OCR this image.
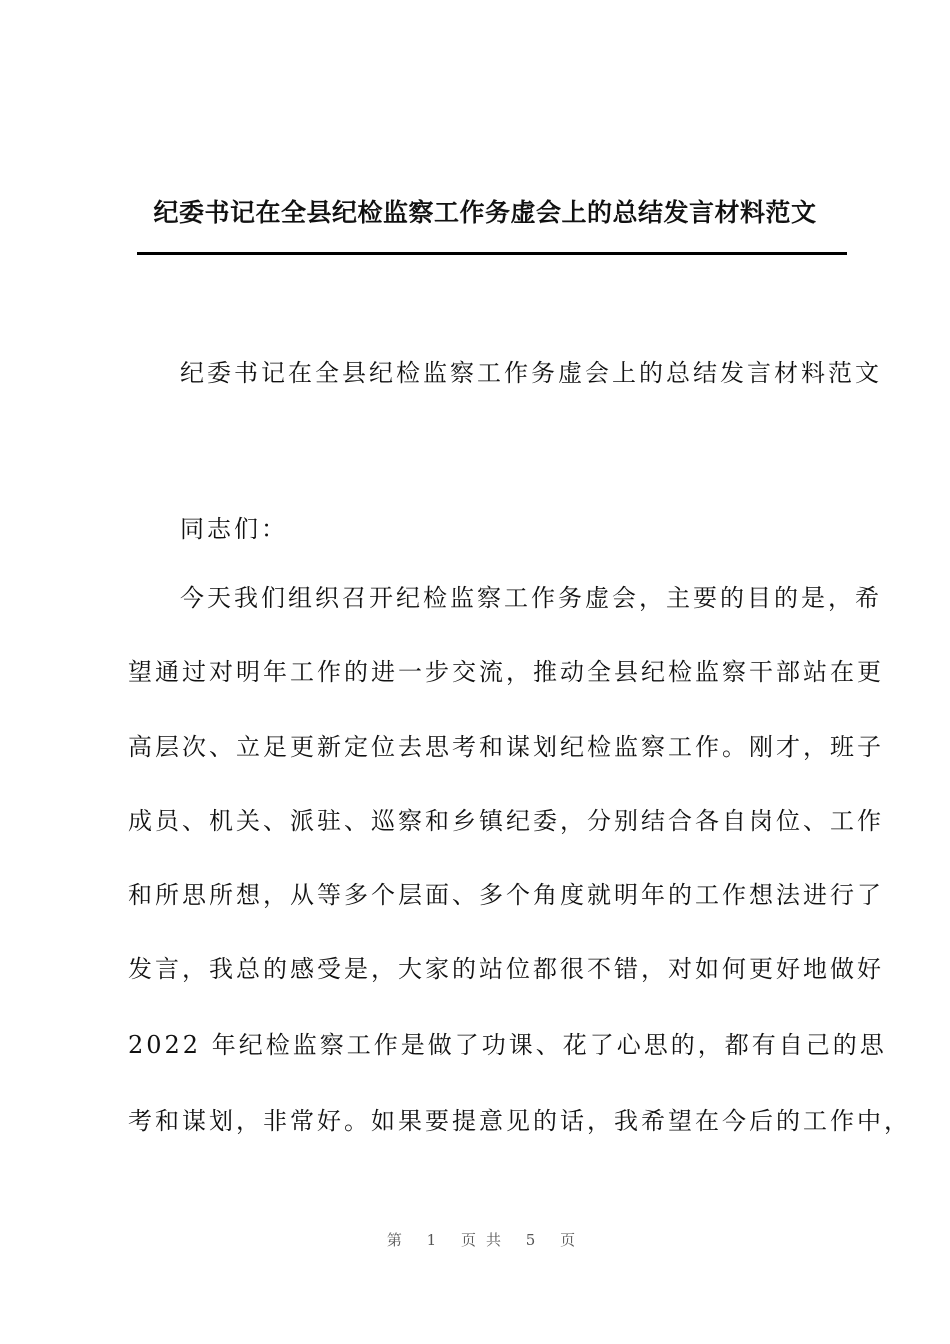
纪委书记在全县纪检监察工作务虚会上的总结发言材料范文
纪委书记在全县纪检监察工作务虚会上的总结发言材料范文
同志们：
今天我们组织召开纪检监察工作务虚会，主要的目的是，希
望通过对明年工作的进一步交流，推动全县纪检监察干部站在更
高层次、立足更新定位去思考和谋划纪检监察工作。刚才，班子
成员、机关、派驻、巡察和乡镇纪委，分别结合各自岗位、工作
和所思所想，从等多个层面、多个角度就明年的工作想法进行了
发言，我总的感受是，大家的站位都很不错，对如何更好地做好
2022 年纪检监察工作是做了功课、花了心思的，都有自己的思
考和谋划，非常好。如果要提意见的话，我希望在今后的工作中，
第 1 页共 5 页
